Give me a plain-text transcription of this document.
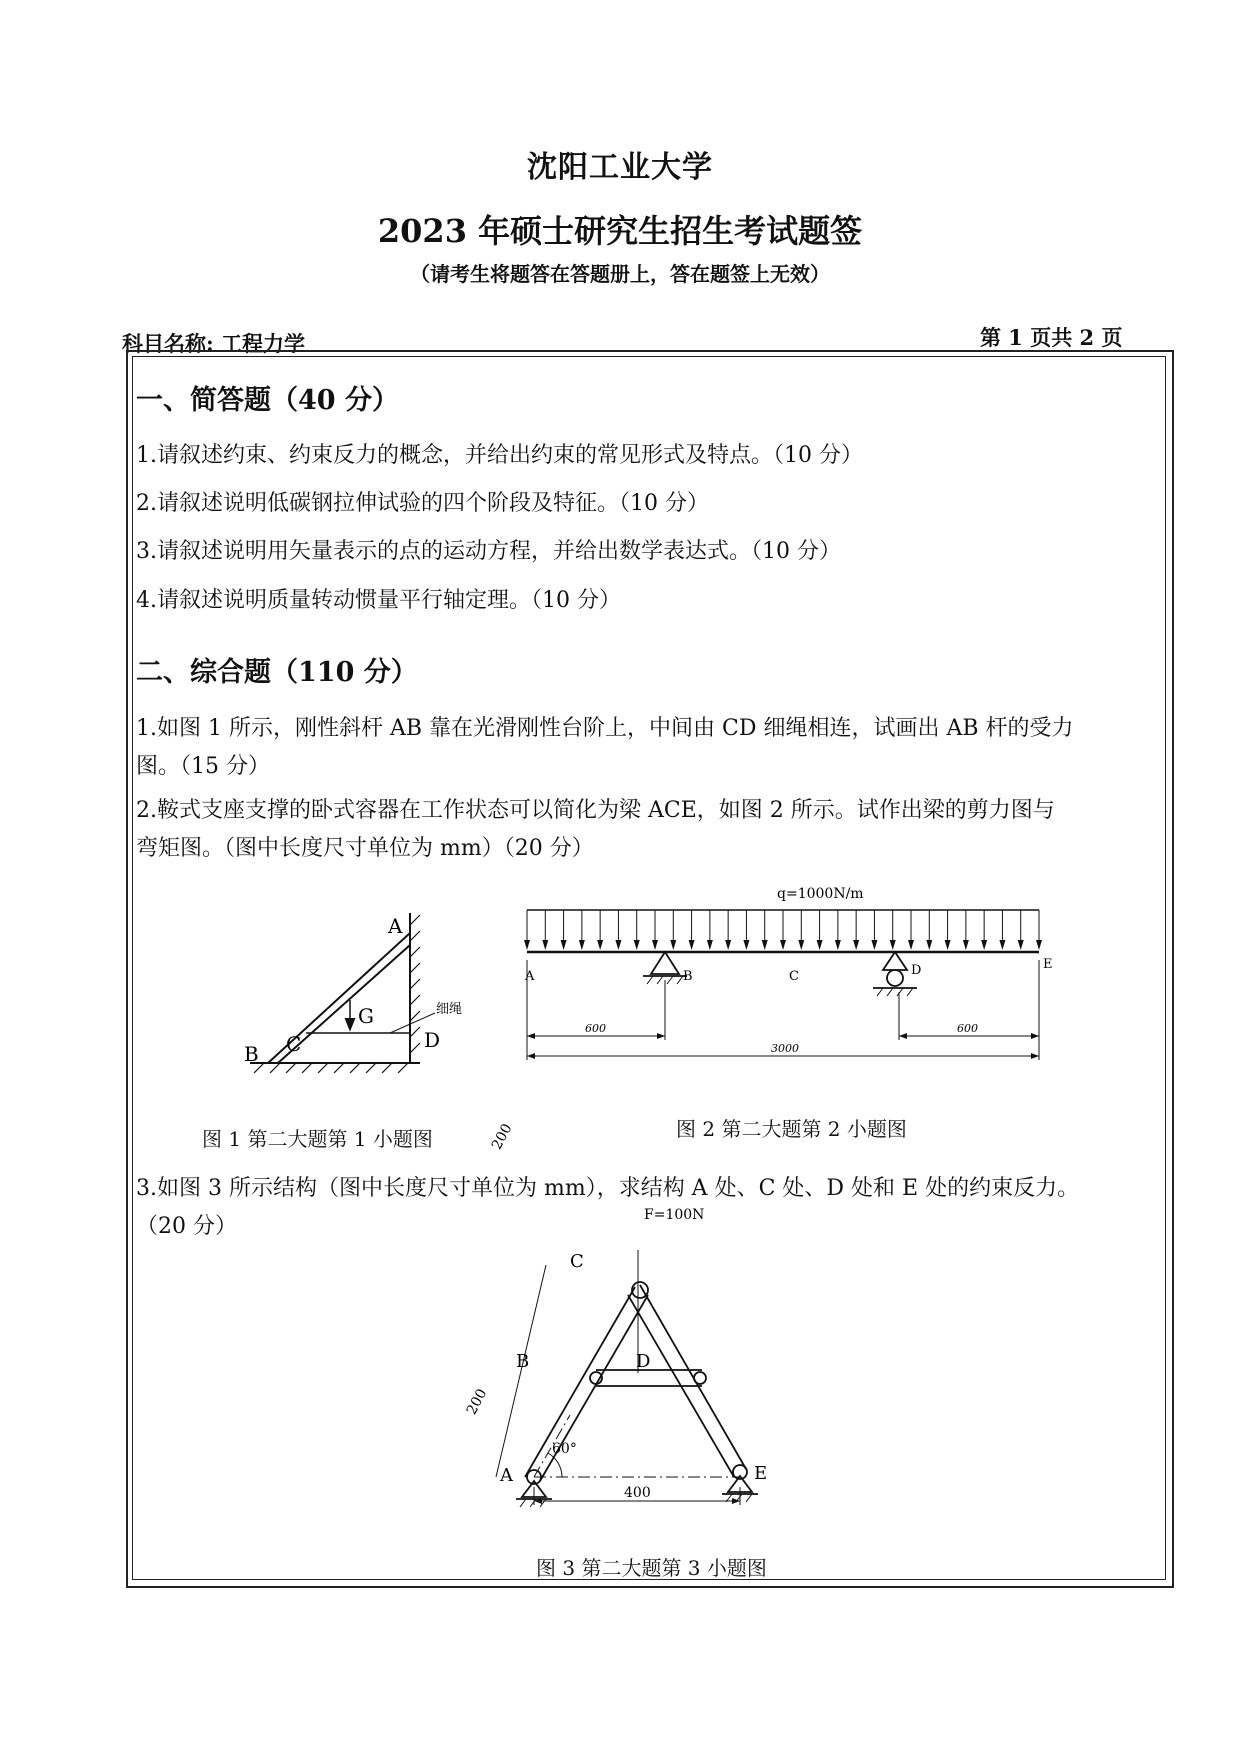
沈阳工业大学
2023 年硕士研究生招生考试题签
（请考生将题答在答题册上，答在题签上无效）
科目名称: 工程力学	第 1 页共 2 页
一、简答题（40 分）
1.请叙述约束、约束反力的概念，并给出约束的常见形式及特点。（10 分）
2.请叙述说明低碳钢拉伸试验的四个阶段及特征。（10 分）
3.请叙述说明用矢量表示的点的运动方程，并给出数学表达式。（10 分）
4.请叙述说明质量转动惯量平行轴定理。（10 分）
二、综合题（110 分）
1.如图 1 所示，刚性斜杆 AB 靠在光滑刚性台阶上，中间由 CD 细绳相连，试画出 AB 杆的受力
图。（15 分）
2.鞍式支座支撑的卧式容器在工作状态可以简化为梁 ACE，如图 2 所示。试作出梁的剪力图与
弯矩图。（图中长度尺寸单位为 mm）（20 分）
A
B C	D
G	细绳
图 1 第二大题第 1 小题图
q=1000N/m
A	B	C	D	E
600	600
3000
图 2 第二大题第 2 小题图
3.如图 3 所示结构（图中长度尺寸单位为 mm），求结构 A 处、C 处、D 处和 E 处的约束反力。
（20 分）
C
B	D
A	E
F=100N
60°
200
200
400
图 3 第二大题第 3 小题图
